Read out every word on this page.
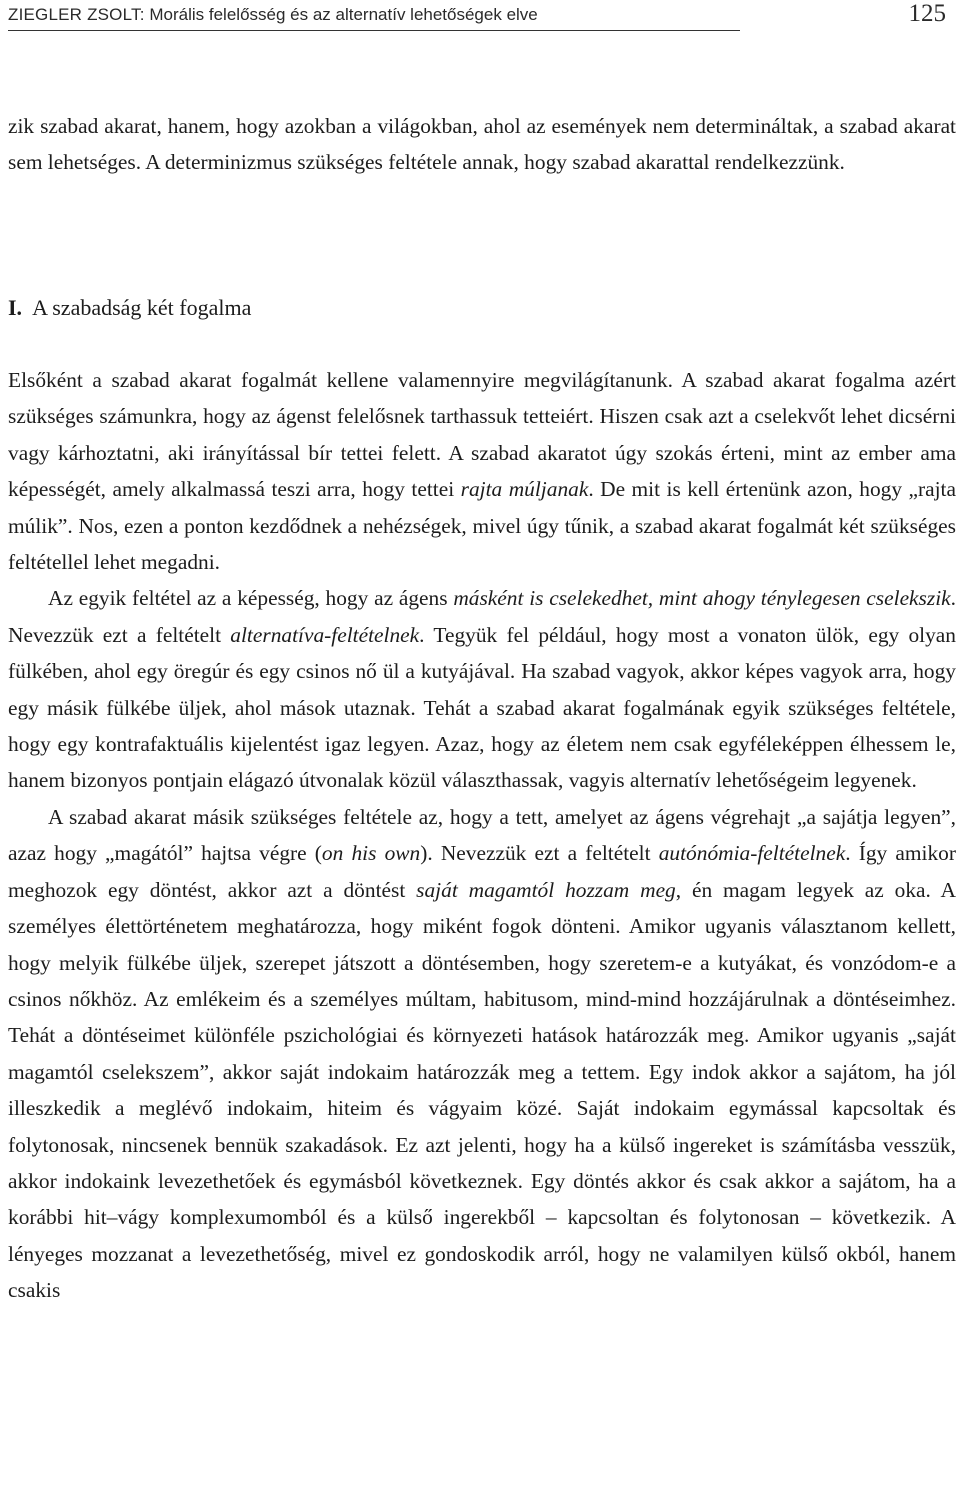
ZIEGLER ZSOLT: Morális felelősség és az alternatív lehetőségek elve	125

zik szabad akarat, hanem, hogy azokban a világokban, ahol az események nem determináltak, a szabad akarat sem lehetséges. A determinizmus szükséges feltétele annak, hogy szabad akarattal rendelkezzünk.

I. A szabadság két fogalma

Elsőként a szabad akarat fogalmát kellene valamennyire megvilágítanunk. A szabad akarat fogalma azért szükséges számunkra, hogy az ágenst felelősnek tarthassuk tetteiért. Hiszen csak azt a cselekvőt lehet dicsérni vagy kárhoztatni, aki irányítással bír tettei felett. A szabad akaratot úgy szokás érteni, mint az ember ama képességét, amely alkalmassá teszi arra, hogy tettei rajta múljanak. De mit is kell értenünk azon, hogy „rajta múlik”. Nos, ezen a ponton kezdődnek a nehézségek, mivel úgy tűnik, a szabad akarat fogalmát két szükséges feltétellel lehet megadni.

Az egyik feltétel az a képesség, hogy az ágens másként is cselekedhet, mint ahogy ténylegesen cselekszik. Nevezzük ezt a feltételt alternatíva-feltételnek. Tegyük fel például, hogy most a vonaton ülök, egy olyan fülkében, ahol egy öregúr és egy csinos nő ül a kutyájával. Ha szabad vagyok, akkor képes vagyok arra, hogy egy másik fülkébe üljek, ahol mások utaznak. Tehát a szabad akarat fogalmának egyik szükséges feltétele, hogy egy kontrafaktuális kijelentést igaz legyen. Azaz, hogy az életem nem csak egyféleképpen élhessem le, hanem bizonyos pontjain elágazó útvonalak közül választhassak, vagyis alternatív lehetőségeim legyenek.

A szabad akarat másik szükséges feltétele az, hogy a tett, amelyet az ágens végrehajt „a sajátja legyen”, azaz hogy „magától” hajtsa végre (on his own). Nevezzük ezt a feltételt autónómia-feltételnek. Így amikor meghozok egy döntést, akkor azt a döntést saját magamtól hozzam meg, én magam legyek az oka. A személyes élettörténetem meghatározza, hogy miként fogok dönteni. Amikor ugyanis választanom kellett, hogy melyik fülkébe üljek, szerepet játszott a döntésemben, hogy szeretem-e a kutyákat, és vonzódom-e a csinos nőkhöz. Az emlékeim és a személyes múltam, habitusom, mind-mind hozzájárulnak a döntéseimhez. Tehát a döntéseimet különféle pszichológiai és környezeti hatások határozzák meg. Amikor ugyanis „saját magamtól cselekszem”, akkor saját indokaim határozzák meg a tettem. Egy indok akkor a sajátom, ha jól illeszkedik a meglévő indokaim, hiteim és vágyaim közé. Saját indokaim egymással kapcsoltak és folytonosak, nincsenek bennük szakadások. Ez azt jelenti, hogy ha a külső ingereket is számításba vesszük, akkor indokaink levezethetőek és egymásból következnek. Egy döntés akkor és csak akkor a sajátom, ha a korábbi hit–vágy komplexumomból és a külső ingerekből – kapcsoltan és folytonosan – következik. A lényeges mozzanat a levezethetőség, mivel ez gondoskodik arról, hogy ne valamilyen külső okból, hanem csakis
